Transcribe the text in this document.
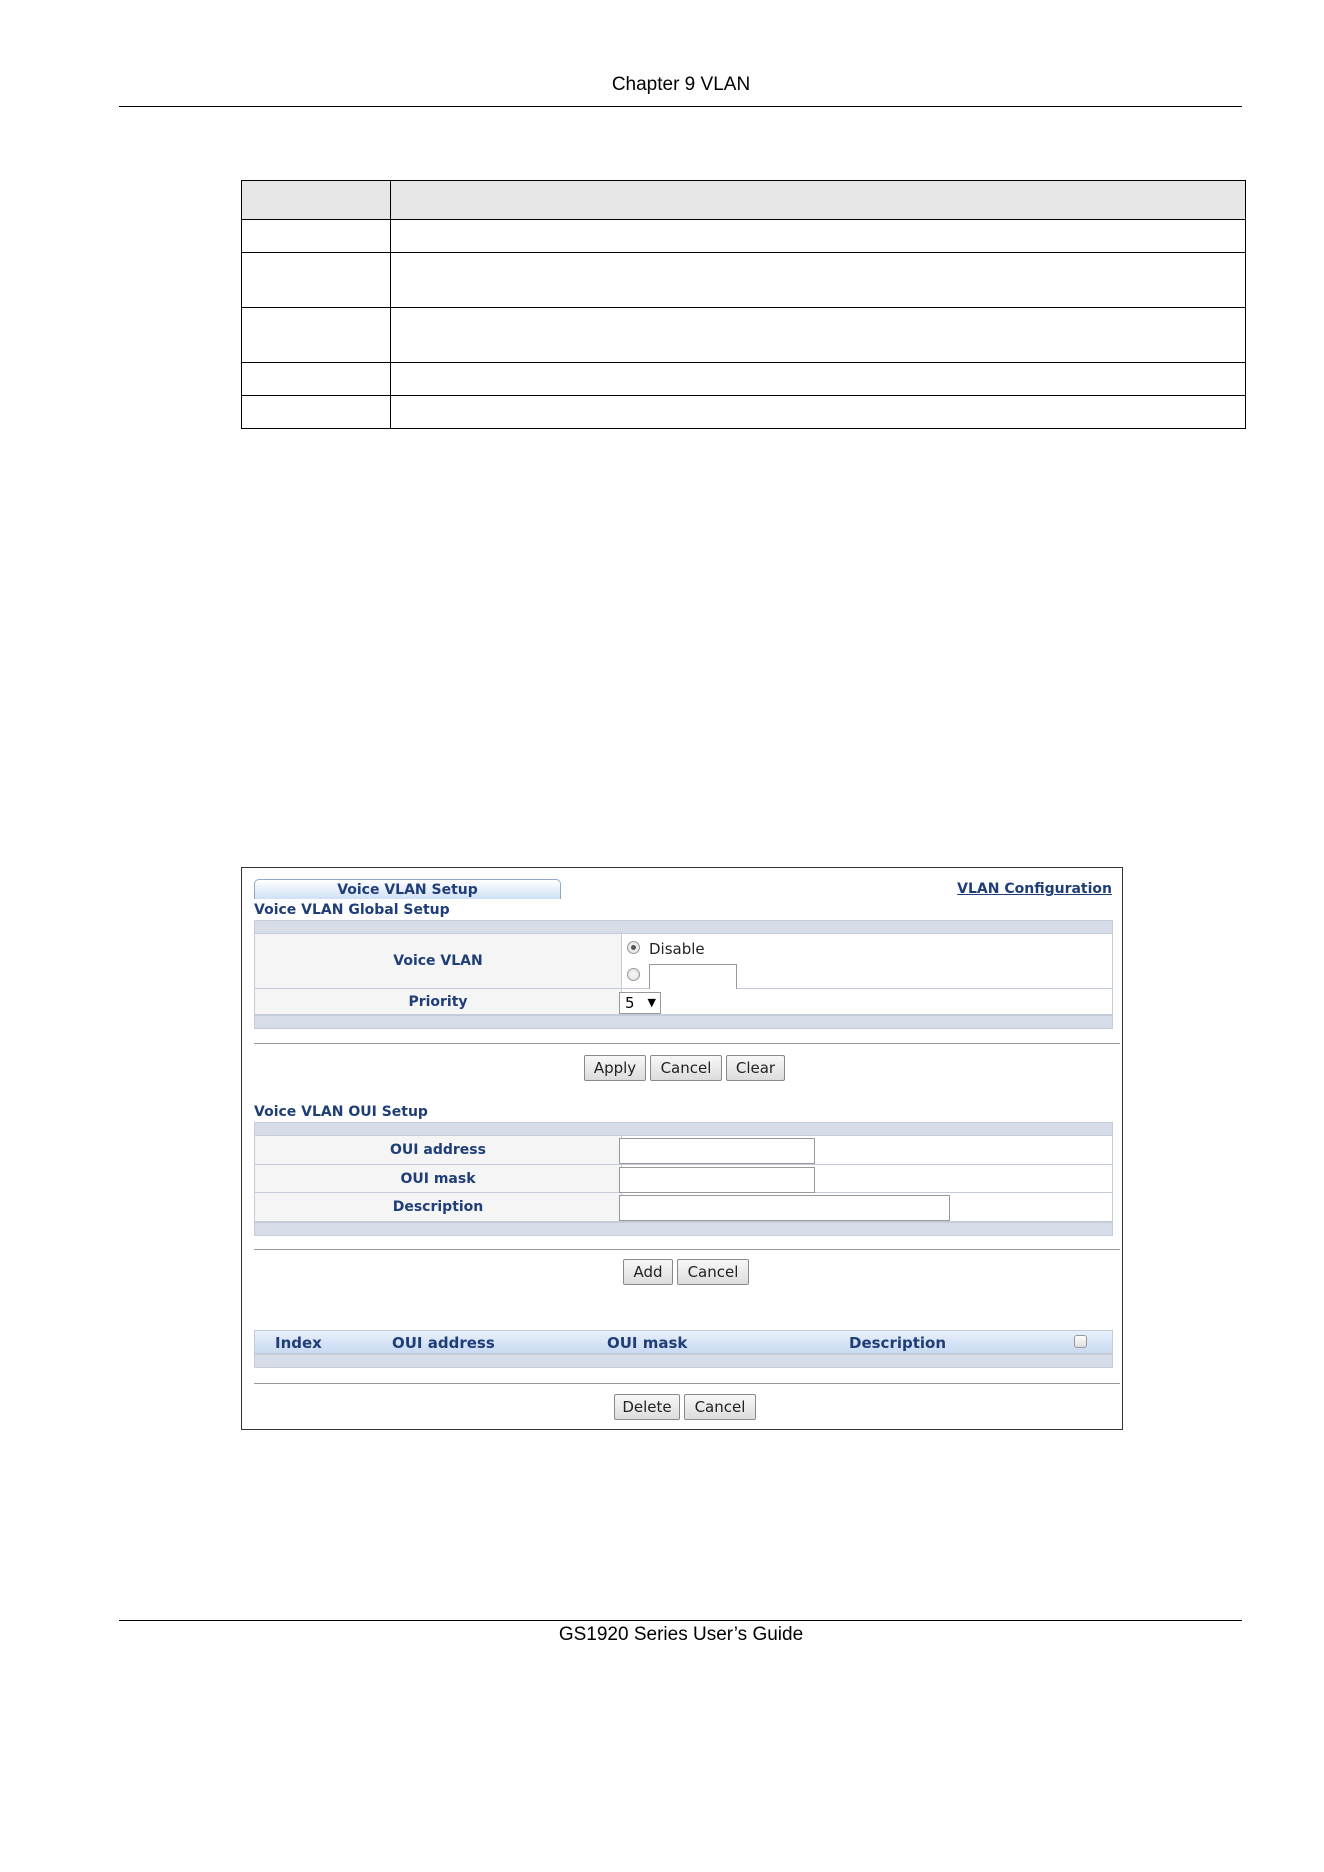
Chapter 9 VLAN

Voice VLAN Setup	VLAN Configuration
Voice VLAN Global Setup
Voice VLAN
Disable
Priority	5 ▼
Apply	Cancel	Clear
Voice VLAN OUI Setup
OUI address
OUI mask
Description
Add	Cancel
Index	OUI address	OUI mask	Description
Delete	Cancel
GS1920 Series User’s Guide
